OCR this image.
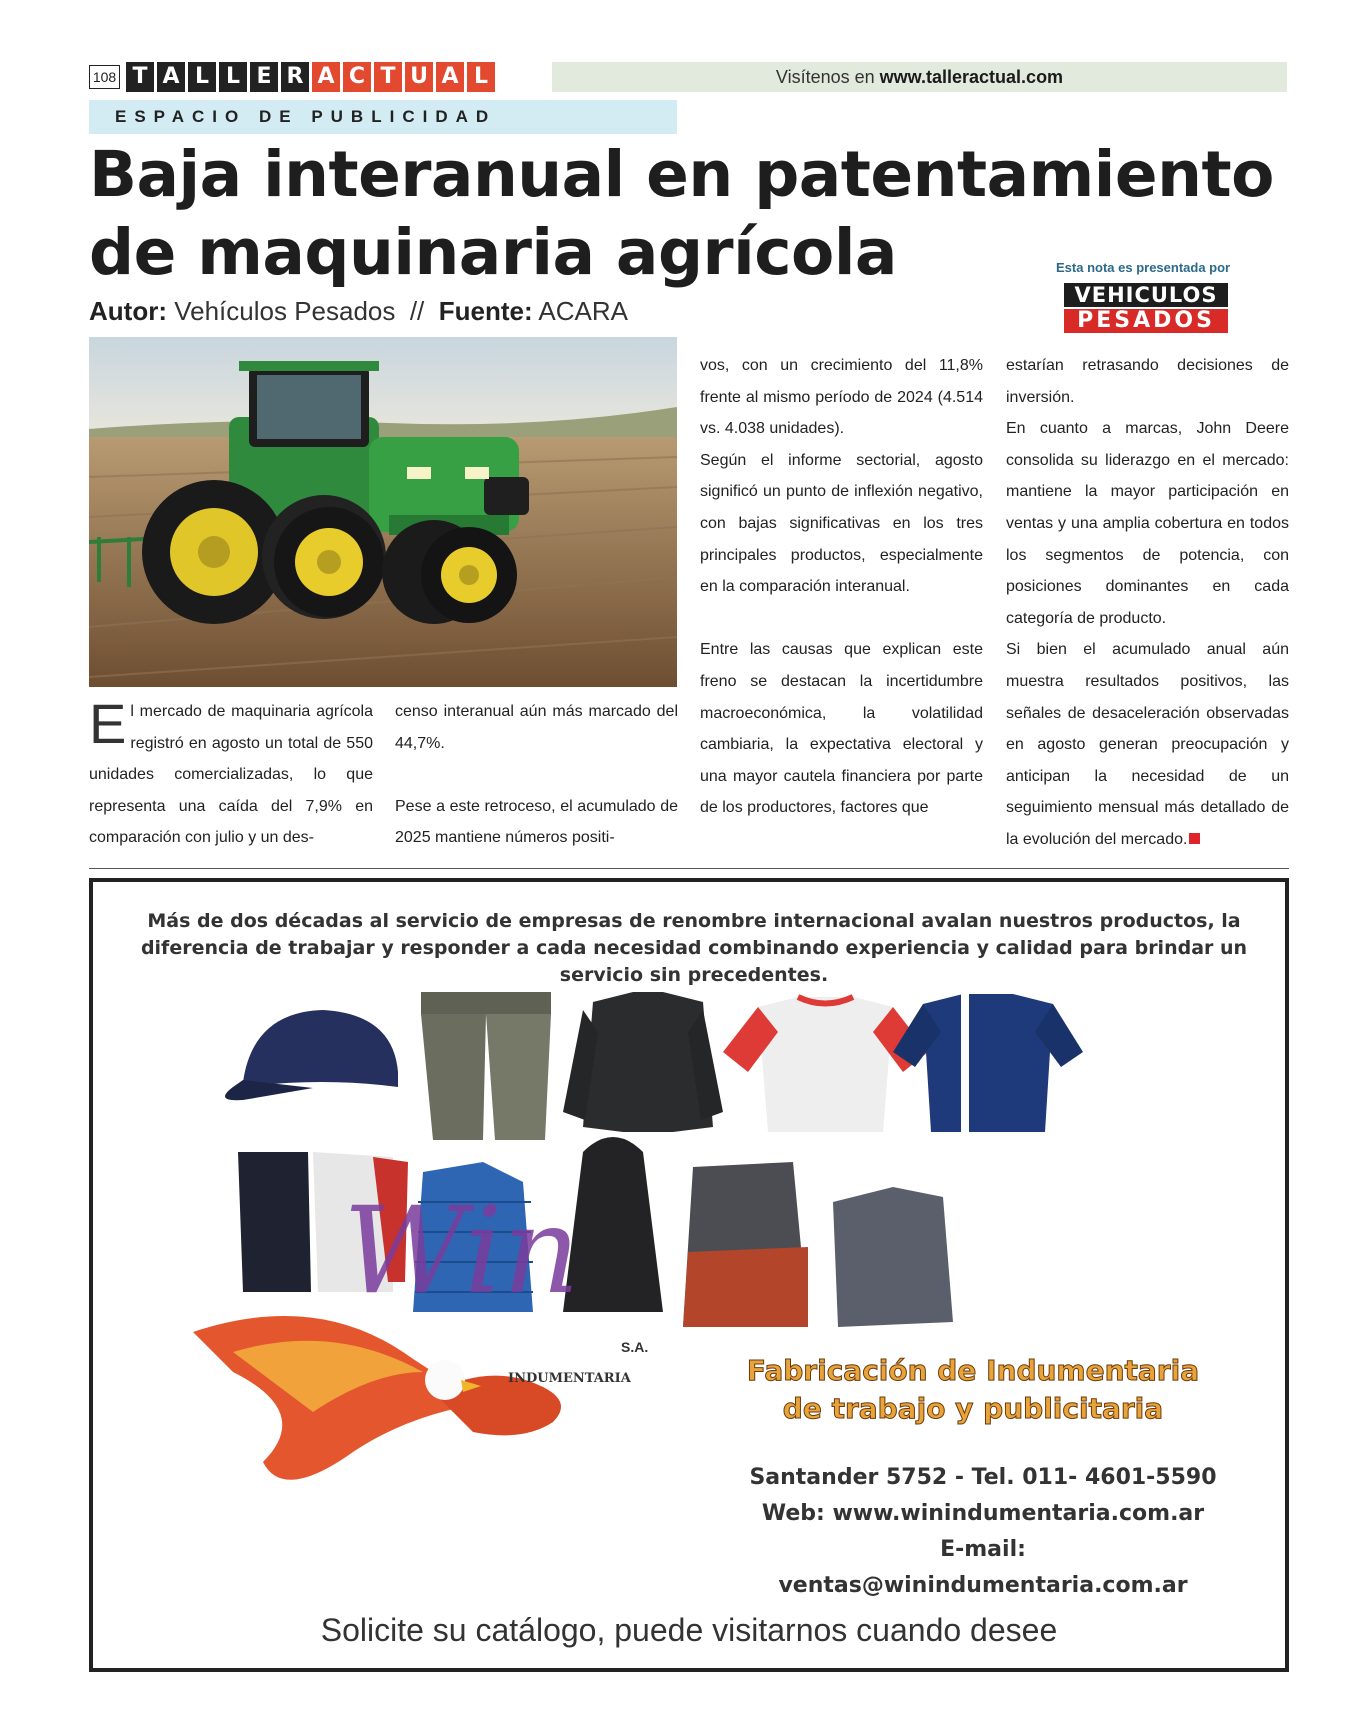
108 T A L L E R A C T U A L	Visítenos en www.talleractual.com
ESPACIO DE PUBLICIDAD
Baja interanual en patentamiento
de maquinaria agrícola
Autor: Vehículos Pesados // Fuente: ACARA
Esta nota es presentada por
VEHICULOS
PESADOS

El mercado de maquinaria agrícola registró en agosto un total de 550 unidades comercializadas, lo que representa una caída del 7,9% en comparación con julio y un des-

censo interanual aún más marcado del 44,7%.

Pese a este retroceso, el acumulado de 2025 mantiene números positi-

vos, con un crecimiento del 11,8% frente al mismo período de 2024 (4.514 vs. 4.038 unidades).

Según el informe sectorial, agosto significó un punto de inflexión negativo, con bajas significativas en los tres principales productos, especialmente en la comparación interanual.

Entre las causas que explican este freno se destacan la incertidumbre macroeconómica, la volatilidad cambiaria, la expectativa electoral y una mayor cautela financiera por parte de los productores, factores que

estarían retrasando decisiones de inversión.

En cuanto a marcas, John Deere consolida su liderazgo en el mercado: mantiene la mayor participación en ventas y una amplia cobertura en todos los segmentos de potencia, con posiciones dominantes en cada categoría de producto.

Si bien el acumulado anual aún muestra resultados positivos, las señales de desaceleración observadas en agosto generan preocupación y anticipan la necesidad de un seguimiento mensual más detallado de la evolución del mercado.

Más de dos décadas al servicio de empresas de renombre internacional avalan nuestros productos, la diferencia de trabajar y responder a cada necesidad combinando experiencia y calidad para brindar un servicio sin precedentes.
Win
S.A.
INDUMENTARIA	Fabricación de Indumentaria
de trabajo y publicitaria
Santander 5752 - Tel. 011- 4601-5590
Web: www.winindumentaria.com.ar
E-mail: ventas@winindumentaria.com.ar
Solicite su catálogo, puede visitarnos cuando desee
